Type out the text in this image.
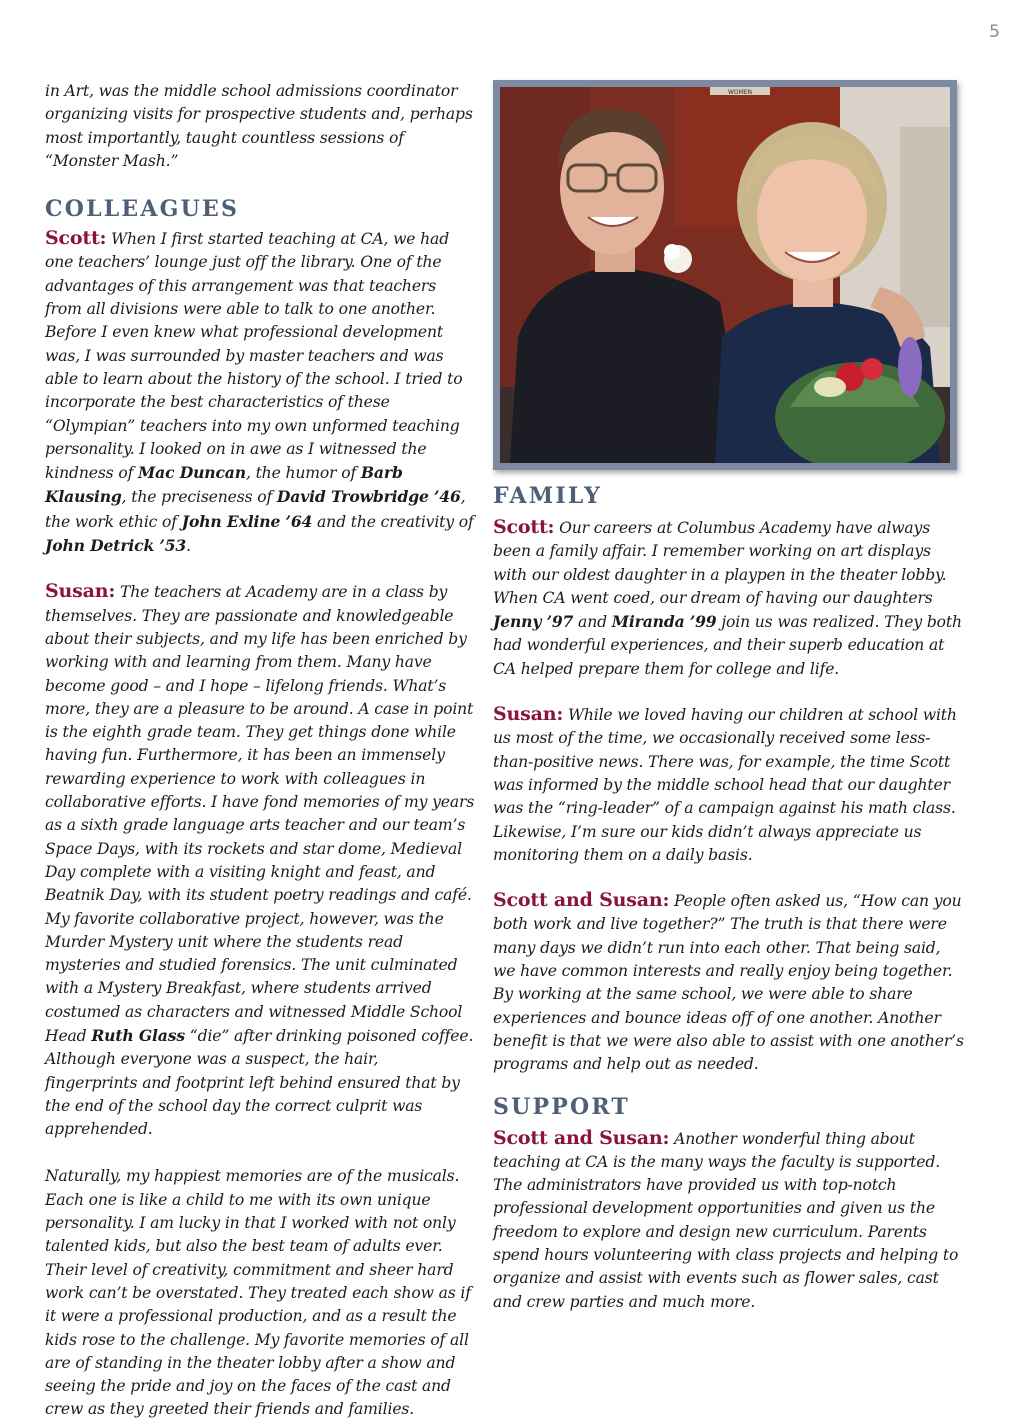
5

in Art, was the middle school admissions coordinator organizing visits for prospective students and, perhaps most importantly, taught countless sessions of “Monster Mash.”

COLLEAGUES

Scott: When I first started teaching at CA, we had one teachers’ lounge just off the library. One of the advantages of this arrangement was that teachers from all divisions were able to talk to one another. Before I even knew what professional development was, I was surrounded by master teachers and was able to learn about the history of the school. I tried to incorporate the best characteristics of these “Olympian” teachers into my own unformed teaching personality. I looked on in awe as I witnessed the kindness of Mac Duncan, the humor of Barb Klausing, the preciseness of David Trowbridge ’46, the work ethic of John Exline ’64 and the creativity of John Detrick ’53.

Susan: The teachers at Academy are in a class by themselves. They are passionate and knowledgeable about their subjects, and my life has been enriched by working with and learning from them. Many have become good – and I hope – lifelong friends. What’s more, they are a pleasure to be around. A case in point is the eighth grade team. They get things done while having fun. Furthermore, it has been an immensely rewarding experience to work with colleagues in collaborative efforts. I have fond memories of my years as a sixth grade language arts teacher and our team’s Space Days, with its rockets and star dome, Medieval Day complete with a visiting knight and feast, and Beatnik Day, with its student poetry readings and café. My favorite collaborative project, however, was the Murder Mystery unit where the students read mysteries and studied forensics. The unit culminated with a Mystery Breakfast, where students arrived costumed as characters and witnessed Middle School Head Ruth Glass “die” after drinking poisoned coffee. Although everyone was a suspect, the hair, fingerprints and footprint left behind ensured that by the end of the school day the correct culprit was apprehended.

Naturally, my happiest memories are of the musicals. Each one is like a child to me with its own unique personality. I am lucky in that I worked with not only talented kids, but also the best team of adults ever. Their level of creativity, commitment and sheer hard work can’t be overstated. They treated each show as if it were a professional production, and as a result the kids rose to the challenge. My favorite memories of all are of standing in the theater lobby after a show and seeing the pride and joy on the faces of the cast and crew as they greeted their friends and families.

WOMEN
FAMILY

Scott: Our careers at Columbus Academy have always been a family affair. I remember working on art displays with our oldest daughter in a playpen in the theater lobby. When CA went coed, our dream of having our daughters Jenny ’97 and Miranda ’99 join us was realized. They both had wonderful experiences, and their superb education at CA helped prepare them for college and life.

Susan: While we loved having our children at school with us most of the time, we occasionally received some less-than-positive news. There was, for example, the time Scott was informed by the middle school head that our daughter was the “ring-leader” of a campaign against his math class. Likewise, I’m sure our kids didn’t always appreciate us monitoring them on a daily basis.

Scott and Susan: People often asked us, “How can you both work and live together?” The truth is that there were many days we didn’t run into each other. That being said, we have common interests and really enjoy being together. By working at the same school, we were able to share experiences and bounce ideas off of one another. Another benefit is that we were also able to assist with one another’s programs and help out as needed.

SUPPORT

Scott and Susan: Another wonderful thing about teaching at CA is the many ways the faculty is supported. The administrators have provided us with top-notch professional development opportunities and given us the freedom to explore and design new curriculum. Parents spend hours volunteering with class projects and helping to organize and assist with events such as flower sales, cast and crew parties and much more.
